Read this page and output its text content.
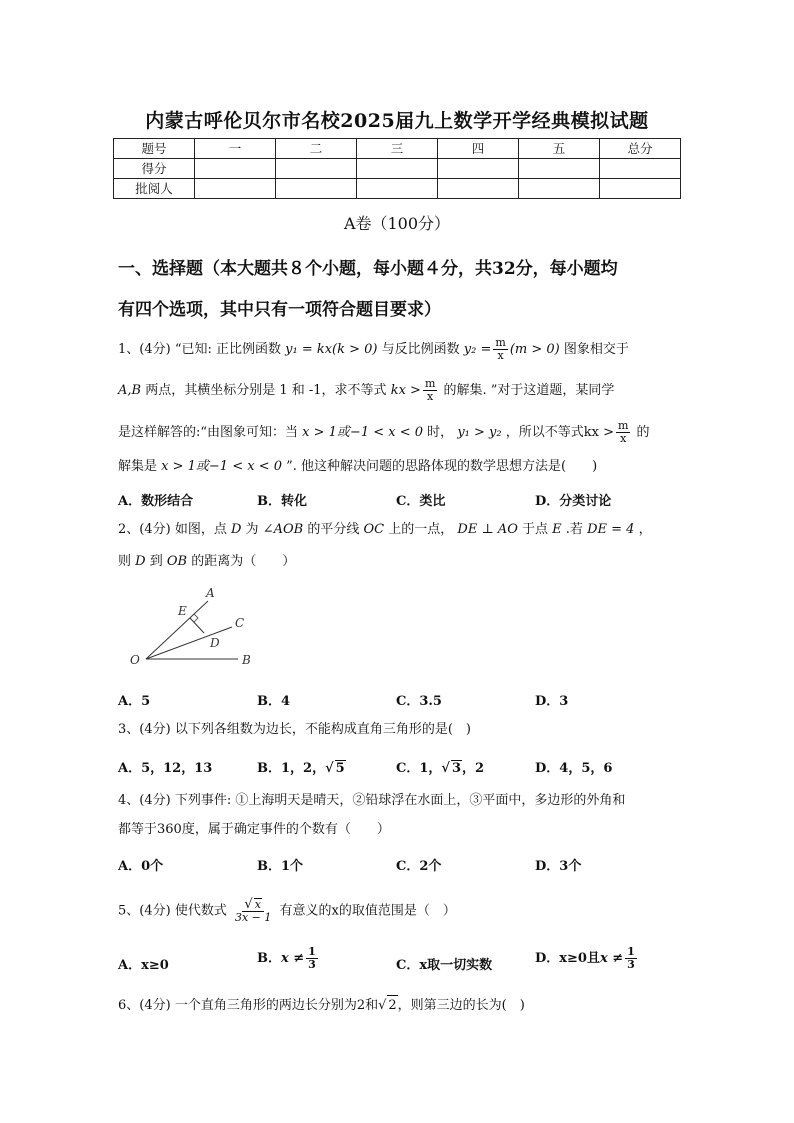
内蒙古呼伦贝尔市名校2025届九上数学开学经典模拟试题
题号	一	二	三	四	五	总分
得分						
批阅人						
A卷（100分）
一、选择题（本大题共８个小题，每小题４分，共32分，每小题均
有四个选项，其中只有一项符合题目要求）
1、(4分) “已知: 正比例函数 y₁ = kx(k > 0) 与反比例函数 $y_2 = \frac{m}{x} (m > 0)$ 图象相交于
A,B 两点，其横坐标分别是 1 和 -1，求不等式 kx > $\frac{m}{x}$ 的解集. ”对于这道题，某同学
是这样解答的:“由图象可知：当 x > 1或−1 < x < 0 时， y₁ > y₂ ，所以不等式kx > $\frac{m}{x}$ 的
解集是 x > 1或−1 < x < 0 ”. 他这种解决问题的思路体现的数学思想方法是(　　)
A．数形结合	B．转化	C．类比	D．分类讨论
2、(4分) 如图，点 D 为 ∠AOB 的平分线 OC 上的一点， DE ⊥ AO 于点 E .若 DE = 4 ，
则 D 到 OB 的距离为（　　）
A
E
C
D
O	B
A．5	B．4	C．3.5	D．3
3、(4分) 以下列各组数为边长，不能构成直角三角形的是(　)
A．5，12，13	B．1，2，√ 5	C．1，√ 3，2	D．4，5，6
4、(4分) 下列事件: ①上海明天是晴天，②铅球浮在水面上，③平面中，多边形的外角和
都等于360度，属于确定事件的个数有（　　）
A．0个	B．1个	C．2个	D．3个
5、(4分) 使代数式 $\frac{√ x}{3x - 1}$ 有意义的x的取值范围是（　）
A．x≥0	B．$x \ne \frac{1}{3}$	C．x取一切实数	D．x≥0且$x \ne \frac{1}{3}$
6、(4分) 一个直角三角形的两边长分别为2和√ 2，则第三边的长为(　)
